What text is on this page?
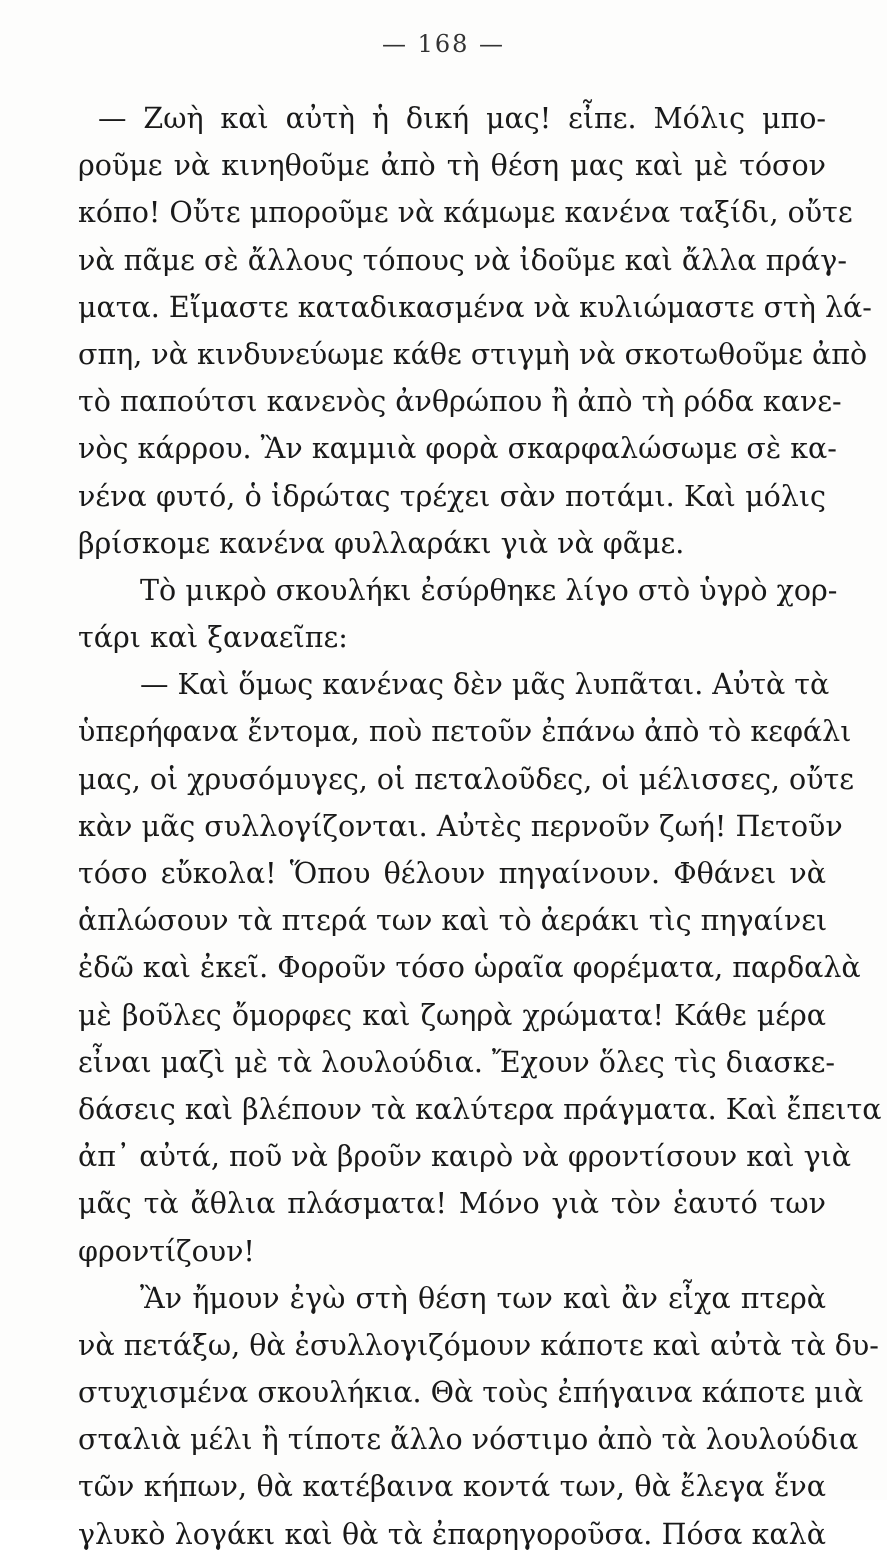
— 168 —
— Ζωὴ καὶ αὐτὴ ἡ δική μας! εἶπε. Μόλις μπο-
ροῦμε νὰ κινηθοῦμε ἀπὸ τὴ θέση μας καὶ μὲ τόσον
κόπο! Οὔτε μποροῦμε νὰ κάμωμε κανένα ταξίδι, οὔτε
νὰ πᾶμε σὲ ἄλλους τόπους νὰ ἰδοῦμε καὶ ἄλλα πράγ-
ματα. Εἴμαστε καταδικασμένα νὰ κυλιώμαστε στὴ λά-
σπη, νὰ κινδυνεύωμε κάθε στιγμὴ νὰ σκοτωθοῦμε ἀπὸ
τὸ παπούτσι κανενὸς ἀνθρώπου ἢ ἀπὸ τὴ ρόδα κανε-
νὸς κάρρου. Ἂν καμμιὰ φορὰ σκαρφαλώσωμε σὲ κα-
νένα φυτό, ὁ ἱδρώτας τρέχει σὰν ποτάμι. Καὶ μόλις
βρίσκομε κανένα φυλλαράκι γιὰ νὰ φᾶμε.
Τὸ μικρὸ σκουλήκι ἐσύρθηκε λίγο στὸ ὑγρὸ χορ-
τάρι καὶ ξαναεῖπε:
— Καὶ ὅμως κανένας δὲν μᾶς λυπᾶται. Αὐτὰ τὰ
ὑπερήφανα ἔντομα, ποὺ πετοῦν ἐπάνω ἀπὸ τὸ κεφάλι
μας, οἱ χρυσόμυγες, οἱ πεταλοῦδες, οἱ μέλισσες, οὔτε
κὰν μᾶς συλλογίζονται. Αὐτὲς περνοῦν ζωή! Πετοῦν
τόσο εὔκολα! Ὅπου θέλουν πηγαίνουν. Φθάνει νὰ
ἁπλώσουν τὰ πτερά των καὶ τὸ ἀεράκι τὶς πηγαίνει
ἐδῶ καὶ ἐκεῖ. Φοροῦν τόσο ὡραῖα φορέματα, παρδαλὰ
μὲ βοῦλες ὄμορφες καὶ ζωηρὰ χρώματα! Κάθε μέρα
εἶναι μαζὶ μὲ τὰ λουλούδια. Ἔχουν ὅλες τὶς διασκε-
δάσεις καὶ βλέπουν τὰ καλύτερα πράγματα. Καὶ ἔπειτα
ἀπ᾽ αὐτά, ποῦ νὰ βροῦν καιρὸ νὰ φροντίσουν καὶ γιὰ
μᾶς τὰ ἄθλια πλάσματα! Μόνο γιὰ τὸν ἑαυτό των
φροντίζουν!
Ἂν ἤμουν ἐγὼ στὴ θέση των καὶ ἂν εἶχα πτερὰ
νὰ πετάξω, θὰ ἐσυλλογιζόμουν κάποτε καὶ αὐτὰ τὰ δυ-
στυχισμένα σκουλήκια. Θὰ τοὺς ἐπήγαινα κάποτε μιὰ
σταλιὰ μέλι ἢ τίποτε ἄλλο νόστιμο ἀπὸ τὰ λουλούδια
τῶν κήπων, θὰ κατέβαινα κοντά των, θὰ ἔλεγα ἕνα
γλυκὸ λογάκι καὶ θὰ τὰ ἐπαρηγοροῦσα. Πόσα καλὰ
